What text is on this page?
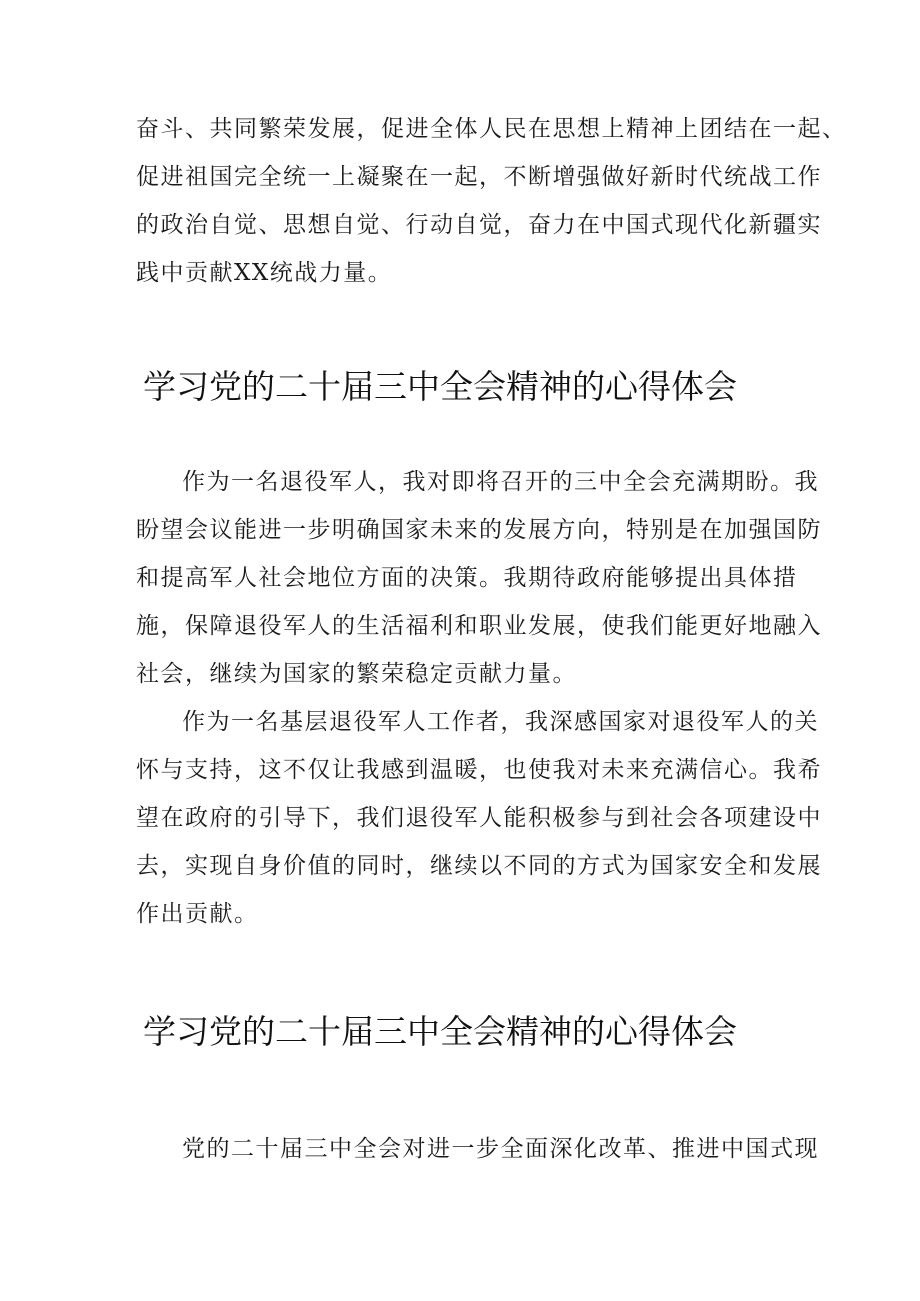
奋斗、共同繁荣发展，促进全体人民在思想上精神上团结在一起、
促进祖国完全统一上凝聚在一起，不断增强做好新时代统战工作
的政治自觉、思想自觉、行动自觉，奋力在中国式现代化新疆实
践中贡献XX统战力量。
学习党的二十届三中全会精神的心得体会
作为一名退役军人，我对即将召开的三中全会充满期盼。我
盼望会议能进一步明确国家未来的发展方向，特别是在加强国防
和提高军人社会地位方面的决策。我期待政府能够提出具体措
施，保障退役军人的生活福利和职业发展，使我们能更好地融入
社会，继续为国家的繁荣稳定贡献力量。
作为一名基层退役军人工作者，我深感国家对退役军人的关
怀与支持，这不仅让我感到温暖，也使我对未来充满信心。我希
望在政府的引导下，我们退役军人能积极参与到社会各项建设中
去，实现自身价值的同时，继续以不同的方式为国家安全和发展
作出贡献。
学习党的二十届三中全会精神的心得体会
党的二十届三中全会对进一步全面深化改革、推进中国式现
